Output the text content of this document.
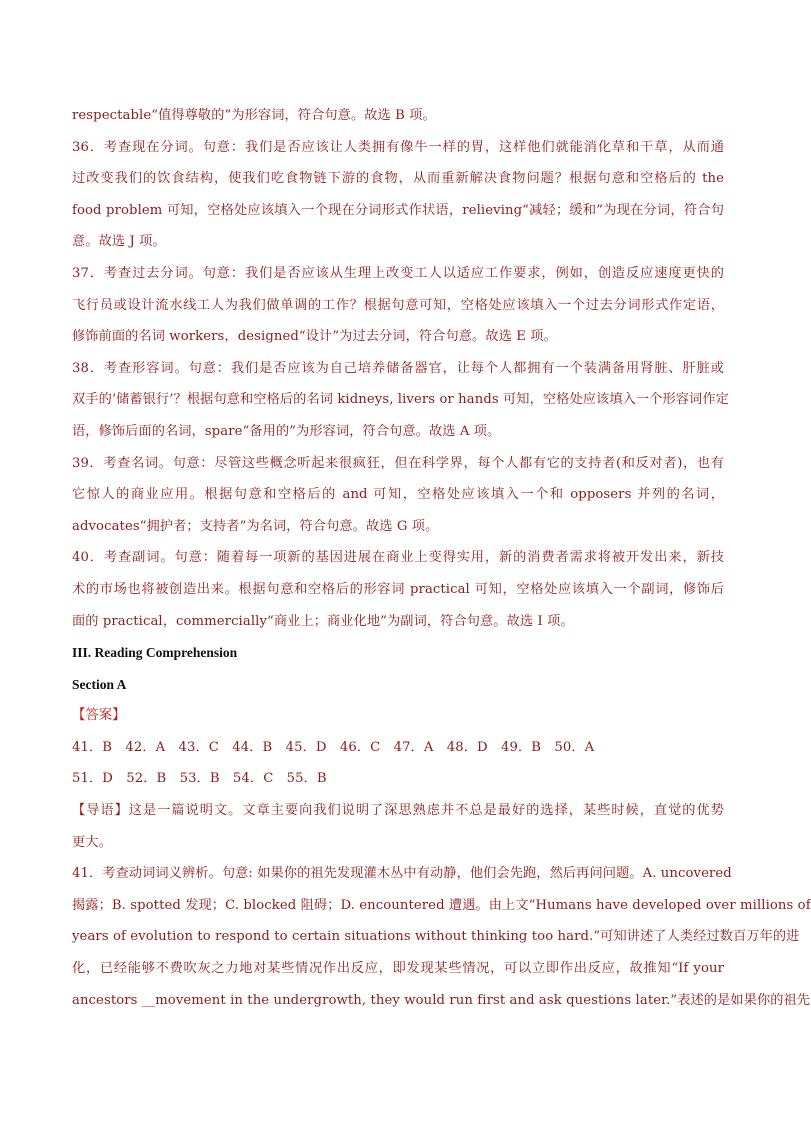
respectable“值得尊敬的”为形容词，符合句意。故选 B 项。
36．考查现在分词。句意：我们是否应该让人类拥有像牛一样的胃，这样他们就能消化草和干草，从而通
过改变我们的饮食结构，使我们吃食物链下游的食物，从而重新解决食物问题？根据句意和空格后的 the
food problem 可知，空格处应该填入一个现在分词形式作状语，relieving“减轻；缓和”为现在分词，符合句
意。故选 J 项。
37．考查过去分词。句意：我们是否应该从生理上改变工人以适应工作要求，例如，创造反应速度更快的
飞行员或设计流水线工人为我们做单调的工作？根据句意可知，空格处应该填入一个过去分词形式作定语，
修饰前面的名词 workers，designed“设计”为过去分词，符合句意。故选 E 项。
38．考查形容词。句意：我们是否应该为自己培养储备器官，让每个人都拥有一个装满备用肾脏、肝脏或
双手的‘储蓄银行’？根据句意和空格后的名词 kidneys, livers or hands 可知，空格处应该填入一个形容词作定
语，修饰后面的名词，spare“备用的”为形容词，符合句意。故选 A 项。
39．考查名词。句意：尽管这些概念听起来很疯狂，但在科学界，每个人都有它的支持者(和反对者)，也有
它惊人的商业应用。根据句意和空格后的 and 可知，空格处应该填入一个和 opposers 并列的名词，
advocates“拥护者；支持者”为名词，符合句意。故选 G 项。
40．考查副词。句意：随着每一项新的基因进展在商业上变得实用，新的消费者需求将被开发出来，新技
术的市场也将被创造出来。根据句意和空格后的形容词 practical 可知，空格处应该填入一个副词，修饰后
面的 practical，commercially“商业上；商业化地”为副词，符合句意。故选 I 项。
III. Reading Comprehension
Section A
【答案】
41．B　42．A　43．C　44．B　45．D　46．C　47．A　48．D　49．B　50．A
51．D　52．B　53．B　54．C　55．B
【导语】这是一篇说明文。文章主要向我们说明了深思熟虑并不总是最好的选择，某些时候，直觉的优势
更大。
41．考查动词词义辨析。句意: 如果你的祖先发现灌木丛中有动静，他们会先跑，然后再问问题。A. uncovered
揭露；B. spotted 发现；C. blocked 阻碍；D. encountered 遭遇。由上文“Humans have developed over millions of
years of evolution to respond to certain situations without thinking too hard.”可知讲述了人类经过数百万年的进
化，已经能够不费吹灰之力地对某些情况作出反应，即发现某些情况，可以立即作出反应，故推知“If your
ancestors __movement in the undergrowth, they would run first and ask questions later.”表述的是如果你的祖先
